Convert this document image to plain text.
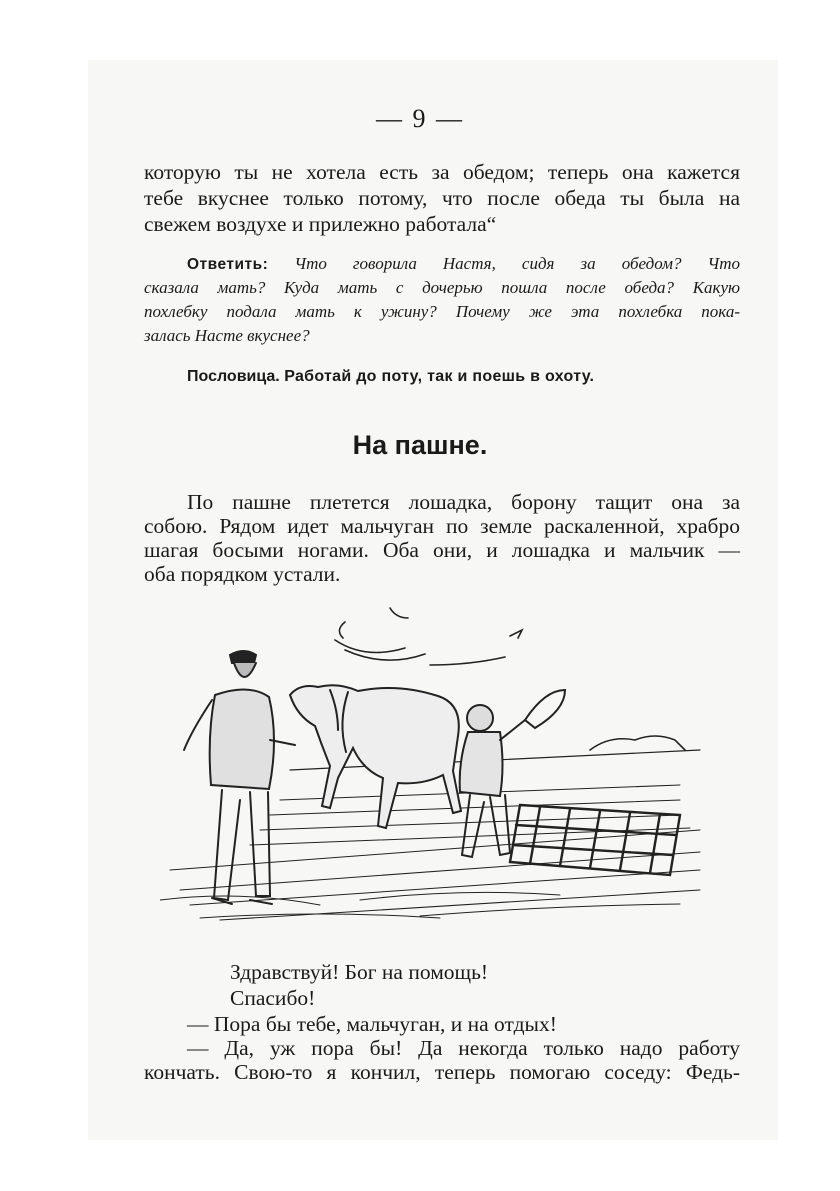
— 9 —
которую ты не хотела есть за обедом; теперь она кажется
тебе вкуснее только потому, что после обеда ты была на
свежем воздухе и прилежно работала“
Ответить: Что говорила Настя, сидя за обедом? Что
сказала мать? Куда мать с дочерью пошла после обеда? Какую
похлебку подала мать к ужину? Почему же эта похлебка пока-
залась Насте вкуснее?
Пословица. Работай до поту, так и поешь в охоту.
На пашне.
По пашне плетется лошадка, борону тащит она за
собою. Рядом идет мальчуган по земле раскаленной, храбро
шагая босыми ногами. Оба они, и лошадка и мальчик —
оба порядком устали.
Здравствуй! Бог на помощь!
Спасибо!
— Пора бы тебе, мальчуган, и на отдых!
— Да, уж пора бы! Да некогда только надо работу
кончать. Свою-то я кончил, теперь помогаю соседу: Федь-
